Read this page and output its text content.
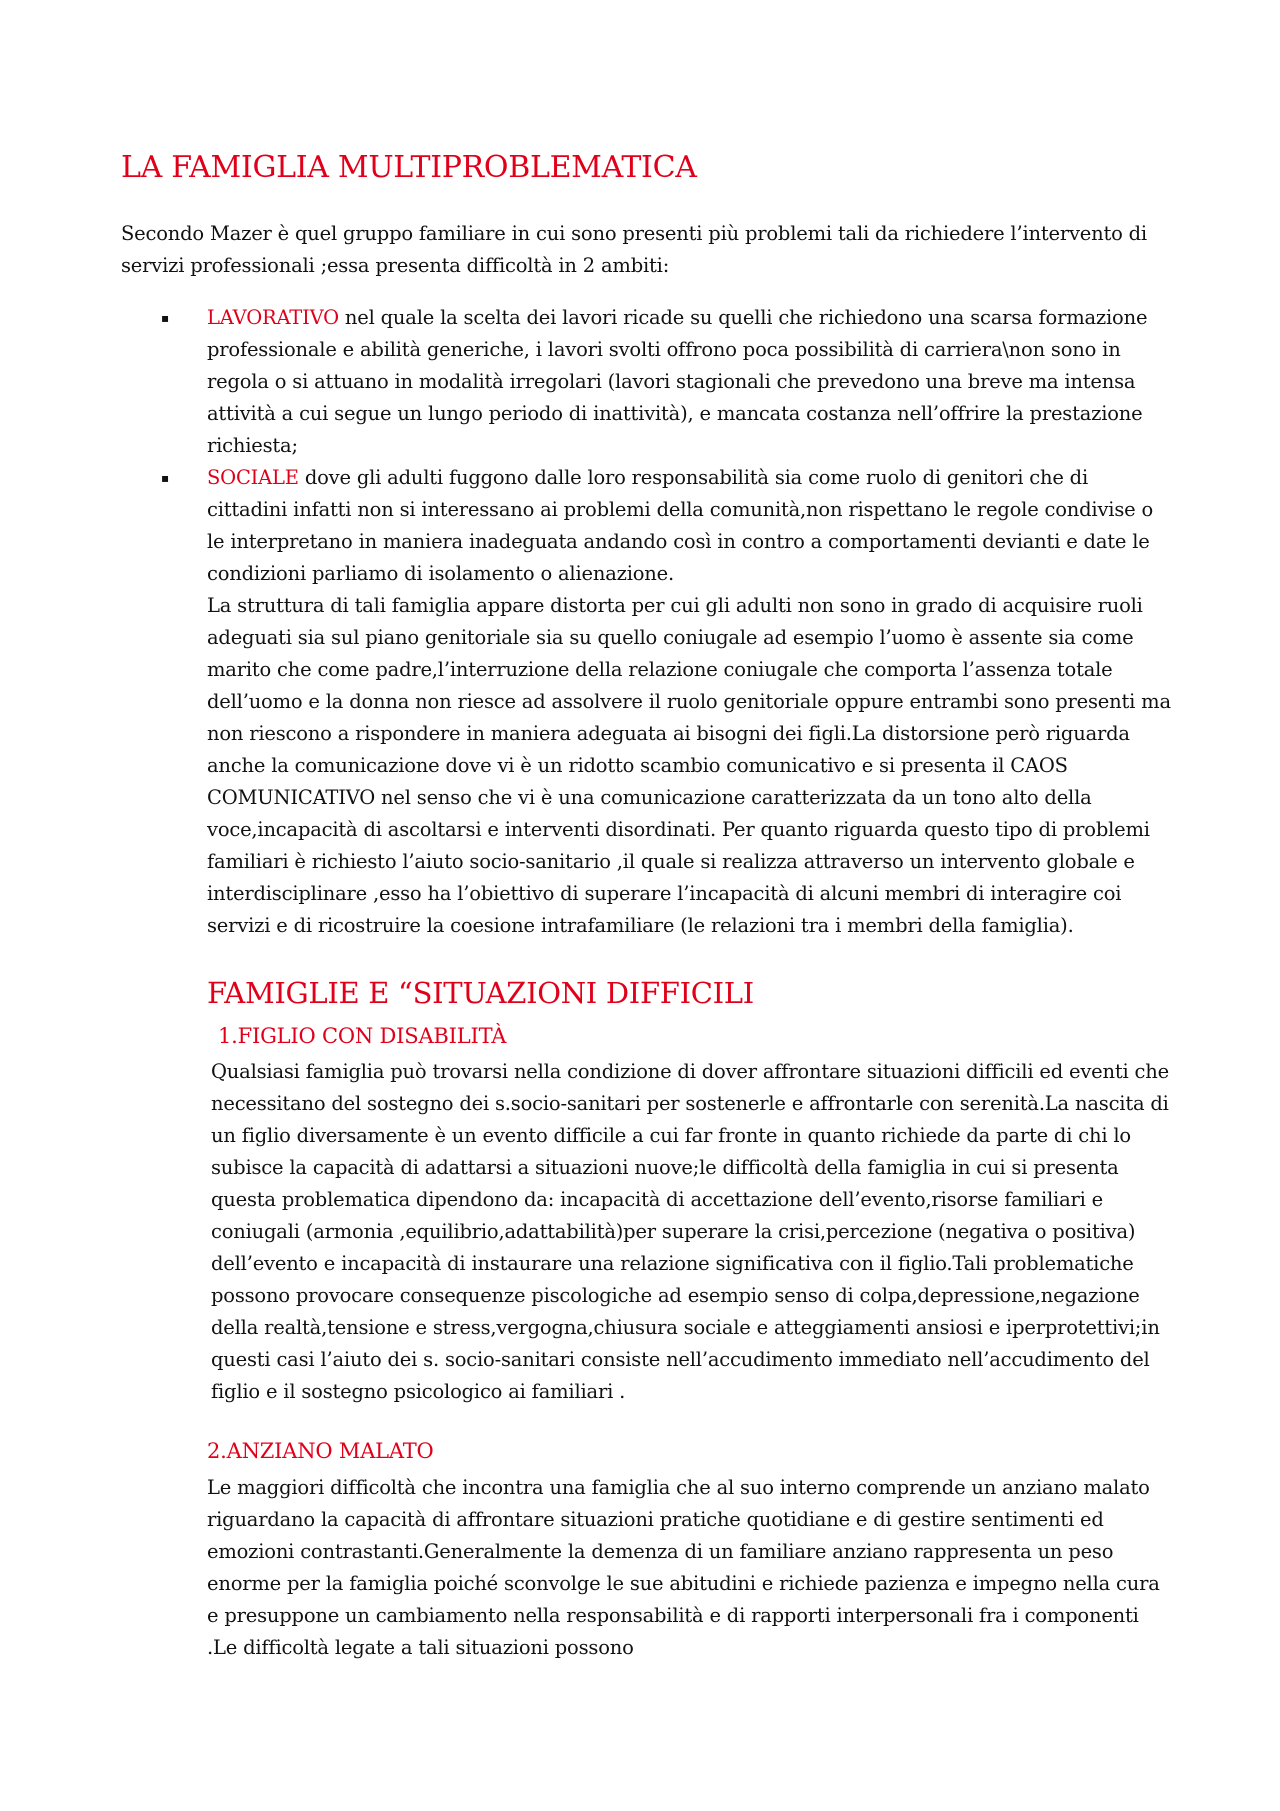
LA FAMIGLIA MULTIPROBLEMATICA

Secondo Mazer è quel gruppo familiare in cui sono presenti più problemi tali da richiedere l’intervento di servizi professionali ;essa presenta difficoltà in 2 ambiti:

▪ LAVORATIVO nel quale la scelta dei lavori ricade su quelli che richiedono una scarsa formazione professionale e abilità generiche, i lavori svolti offrono poca possibilità di carriera\non sono in regola o si attuano in modalità irregolari (lavori stagionali che prevedono una breve ma intensa attività a cui segue un lungo periodo di inattività), e mancata costanza nell’offrire la prestazione richiesta;
▪ SOCIALE dove gli adulti fuggono dalle loro responsabilità sia come ruolo di genitori che di cittadini infatti non si interessano ai problemi della comunità,non rispettano le regole condivise o le interpretano in maniera inadeguata andando così in contro a comportamenti devianti e date le condizioni parliamo di isolamento o alienazione.

La struttura di tali famiglia appare distorta per cui gli adulti non sono in grado di acquisire ruoli adeguati sia sul piano genitoriale sia su quello coniugale ad esempio l’uomo è assente sia come marito che come padre,l’interruzione della relazione coniugale che comporta l’assenza totale dell’uomo e la donna non riesce ad assolvere il ruolo genitoriale oppure entrambi sono presenti ma non riescono a rispondere in maniera adeguata ai bisogni dei figli.La distorsione però riguarda anche la comunicazione dove vi è un ridotto scambio comunicativo e si presenta il CAOS COMUNICATIVO nel senso che vi è una comunicazione caratterizzata da un tono alto della voce,incapacità di ascoltarsi e interventi disordinati. Per quanto riguarda questo tipo di problemi familiari è richiesto l’aiuto socio-sanitario ,il quale si realizza attraverso un intervento globale e interdisciplinare ,esso ha l’obiettivo di superare l’incapacità di alcuni membri di interagire coi servizi e di ricostruire la coesione intrafamiliare (le relazioni tra i membri della famiglia).

FAMIGLIE E “SITUAZIONI DIFFICILI
1.FIGLIO CON DISABILITÀ

Qualsiasi famiglia può trovarsi nella condizione di dover affrontare situazioni difficili ed eventi che necessitano del sostegno dei s.socio-sanitari per sostenerle e affrontarle con serenità.La nascita di un figlio diversamente è un evento difficile a cui far fronte in quanto richiede da parte di chi lo subisce la capacità di adattarsi a situazioni nuove;le difficoltà della famiglia in cui si presenta questa problematica dipendono da: incapacità di accettazione dell’evento,risorse familiari e coniugali (armonia ,equilibrio,adattabilità)per superare la crisi,percezione (negativa o positiva) dell’evento e incapacità di instaurare una relazione significativa con il figlio.Tali problematiche possono provocare consequenze piscologiche ad esempio senso di colpa,depressione,negazione della realtà,tensione e stress,vergogna,chiusura sociale e atteggiamenti ansiosi e iperprotettivi;in questi casi l’aiuto dei s. socio-sanitari consiste nell’accudimento immediato nell’accudimento del figlio e il sostegno psicologico ai familiari .

2.ANZIANO MALATO

Le maggiori difficoltà che incontra una famiglia che al suo interno comprende un anziano malato riguardano la capacità di affrontare situazioni pratiche quotidiane e di gestire sentimenti ed emozioni contrastanti.Generalmente la demenza di un familiare anziano rappresenta un peso enorme per la famiglia poiché sconvolge le sue abitudini e richiede pazienza e impegno nella cura e presuppone un cambiamento nella responsabilità e di rapporti interpersonali fra i componenti .Le difficoltà legate a tali situazioni possono
